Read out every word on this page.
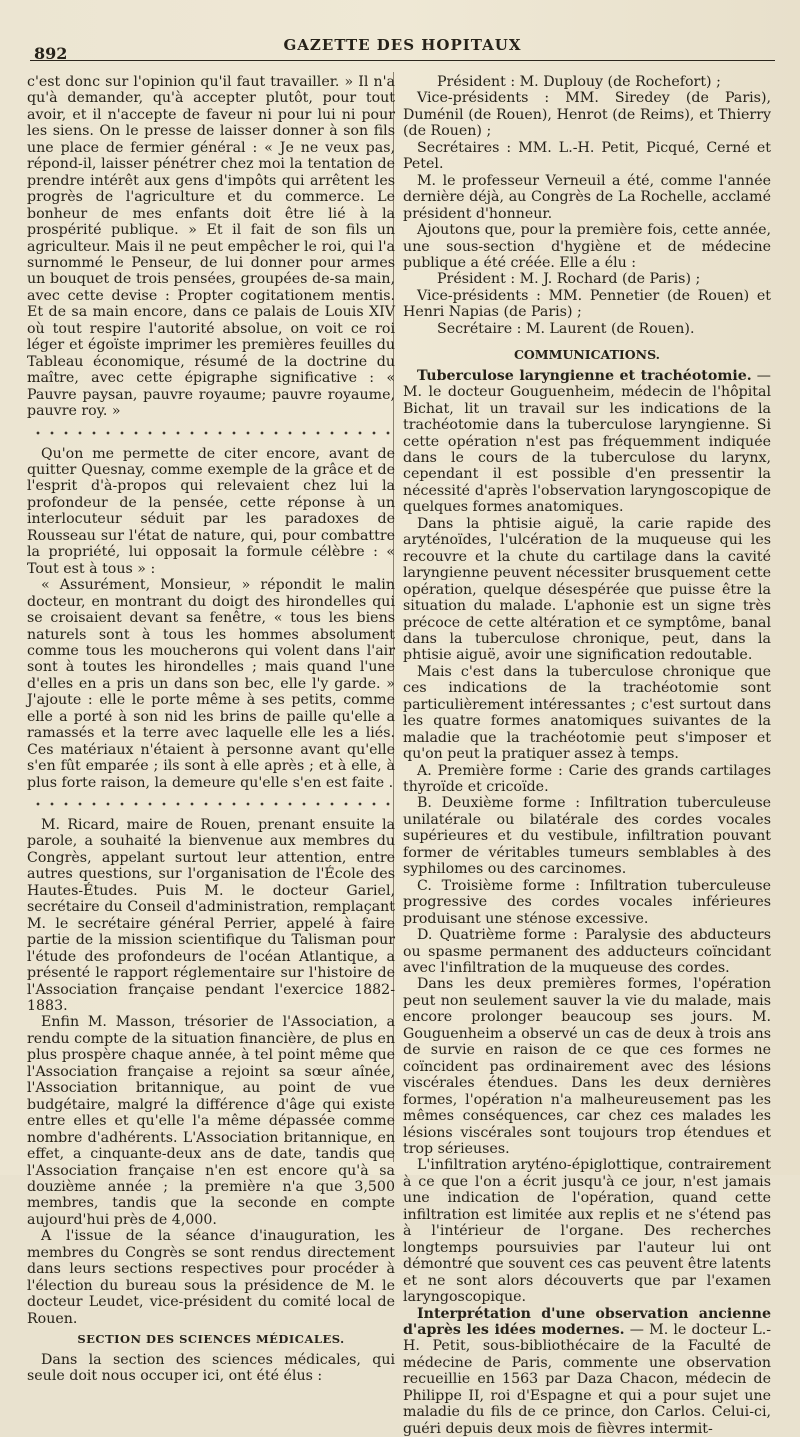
892	GAZETTE DES HOPITAUX

c'est donc sur l'opinion qu'il faut travailler. » Il n'a qu'à demander, qu'à accepter plutôt, pour tout avoir, et il n'accepte de faveur ni pour lui ni pour les siens. On le presse de laisser donner à son fils une place de fermier général : « Je ne veux pas, répond-il, laisser pénétrer chez moi la tentation de prendre intérêt aux gens d'impôts qui arrêtent les progrès de l'agriculture et du commerce. Le bonheur de mes enfants doit être lié à la prospérité publique. » Et il fait de son fils un agriculteur. Mais il ne peut empêcher le roi, qui l'a surnommé le Penseur, de lui donner pour armes un bouquet de trois pensées, groupées de-sa main, avec cette devise : Propter cogitationem mentis. Et de sa main encore, dans ce palais de Louis XIV où tout respire l'autorité absolue, on voit ce roi léger et égoïste imprimer les premières feuilles du Tableau économique, résumé de la doctrine du maître, avec cette épigraphe significative : « Pauvre paysan, pauvre royaume; pauvre royaume, pauvre roy. »

Qu'on me permette de citer encore, avant de quitter Quesnay, comme exemple de la grâce et de l'esprit d'à-propos qui relevaient chez lui la profondeur de la pensée, cette réponse à un interlocuteur séduit par les paradoxes de Rousseau sur l'état de nature, qui, pour combattre la propriété, lui opposait la formule célèbre : « Tout est à tous » :

« Assurément, Monsieur, » répondit le malin docteur, en montrant du doigt des hirondelles qui se croisaient devant sa fenêtre, « tous les biens naturels sont à tous les hommes absolument comme tous les moucherons qui volent dans l'air sont à toutes les hirondelles ; mais quand l'une d'elles en a pris un dans son bec, elle l'y garde. » J'ajoute : elle le porte même à ses petits, comme elle a porté à son nid les brins de paille qu'elle a ramassés et la terre avec laquelle elle les a liés. Ces matériaux n'étaient à personne avant qu'elle s'en fût emparée ; ils sont à elle après ; et à elle, à plus forte raison, la demeure qu'elle s'en est faite .

M. Ricard, maire de Rouen, prenant ensuite la parole, a souhaité la bienvenue aux membres du Congrès, appelant surtout leur attention, entre autres questions, sur l'organisation de l'École des Hautes-Études. Puis M. le docteur Gariel, secrétaire du Conseil d'administration, remplaçant M. le secrétaire général Perrier, appelé à faire partie de la mission scientifique du Talisman pour l'étude des profondeurs de l'océan Atlantique, a présenté le rapport réglementaire sur l'histoire de l'Association française pendant l'exercice 1882-1883.

Enfin M. Masson, trésorier de l'Association, a rendu compte de la situation financière, de plus en plus prospère chaque année, à tel point même que l'Association française a rejoint sa sœur aînée, l'Association britannique, au point de vue budgétaire, malgré la différence d'âge qui existe entre elles et qu'elle l'a même dépassée comme nombre d'adhérents. L'Association britannique, en effet, a cinquante-deux ans de date, tandis que l'Association française n'en est encore qu'à sa douzième année ; la première n'a que 3,500 membres, tandis que la seconde en compte aujourd'hui près de 4,000.

A l'issue de la séance d'inauguration, les membres du Congrès se sont rendus directement dans leurs sections respectives pour procéder à l'élection du bureau sous la présidence de M. le docteur Leudet, vice-président du comité local de Rouen.

SECTION DES SCIENCES MÉDICALES.

Dans la section des sciences médicales, qui seule doit nous occuper ici, ont été élus :

Président : M. Duplouy (de Rochefort) ;

Vice-présidents : MM. Siredey (de Paris), Duménil (de Rouen), Henrot (de Reims), et Thierry (de Rouen) ;

Secrétaires : MM. L.-H. Petit, Picqué, Cerné et Petel.

M. le professeur Verneuil a été, comme l'année dernière déjà, au Congrès de La Rochelle, acclamé président d'honneur.

Ajoutons que, pour la première fois, cette année, une sous-section d'hygiène et de médecine publique a été créée. Elle a élu :

Président : M. J. Rochard (de Paris) ;

Vice-présidents : MM. Pennetier (de Rouen) et Henri Napias (de Paris) ;

Secrétaire : M. Laurent (de Rouen).

COMMUNICATIONS.

Tuberculose laryngienne et trachéotomie. — M. le docteur Gouguenheim, médecin de l'hôpital Bichat, lit un travail sur les indications de la trachéotomie dans la tuberculose laryngienne. Si cette opération n'est pas fréquemment indiquée dans le cours de la tuberculose du larynx, cependant il est possible d'en pressentir la nécessité d'après l'observation laryngoscopique de quelques formes anatomiques.

Dans la phtisie aiguë, la carie rapide des aryténoïdes, l'ulcération de la muqueuse qui les recouvre et la chute du cartilage dans la cavité laryngienne peuvent nécessiter brusquement cette opération, quelque désespérée que puisse être la situation du malade. L'aphonie est un signe très précoce de cette altération et ce symptôme, banal dans la tuberculose chronique, peut, dans la phtisie aiguë, avoir une signification redoutable.

Mais c'est dans la tuberculose chronique que ces indications de la trachéotomie sont particulièrement intéressantes ; c'est surtout dans les quatre formes anatomiques suivantes de la maladie que la trachéotomie peut s'imposer et qu'on peut la pratiquer assez à temps.

A. Première forme : Carie des grands cartilages thyroïde et cricoïde.

B. Deuxième forme : Infiltration tuberculeuse unilatérale ou bilatérale des cordes vocales supérieures et du vestibule, infiltration pouvant former de véritables tumeurs semblables à des syphilomes ou des carcinomes.

C. Troisième forme : Infiltration tuberculeuse progressive des cordes vocales inférieures produisant une sténose excessive.

D. Quatrième forme : Paralysie des abducteurs ou spasme permanent des adducteurs coïncidant avec l'infiltration de la muqueuse des cordes.

Dans les deux premières formes, l'opération peut non seulement sauver la vie du malade, mais encore prolonger beaucoup ses jours. M. Gouguenheim a observé un cas de deux à trois ans de survie en raison de ce que ces formes ne coïncident pas ordinairement avec des lésions viscérales étendues. Dans les deux dernières formes, l'opération n'a malheureusement pas les mêmes conséquences, car chez ces malades les lésions viscérales sont toujours trop étendues et trop sérieuses.

L'infiltration aryténo-épiglottique, contrairement à ce que l'on a écrit jusqu'à ce jour, n'est jamais une indication de l'opération, quand cette infiltration est limitée aux replis et ne s'étend pas à l'intérieur de l'organe. Des recherches longtemps poursuivies par l'auteur lui ont démontré que souvent ces cas peuvent être latents et ne sont alors découverts que par l'examen laryngoscopique.

Interprétation d'une observation ancienne d'après les idées modernes. — M. le docteur L.-H. Petit, sous-bibliothécaire de la Faculté de médecine de Paris, commente une observation recueillie en 1563 par Daza Chacon, médecin de Philippe II, roi d'Espagne et qui a pour sujet une maladie du fils de ce prince, don Carlos. Celui-ci, guéri depuis deux mois de fièvres intermit-
